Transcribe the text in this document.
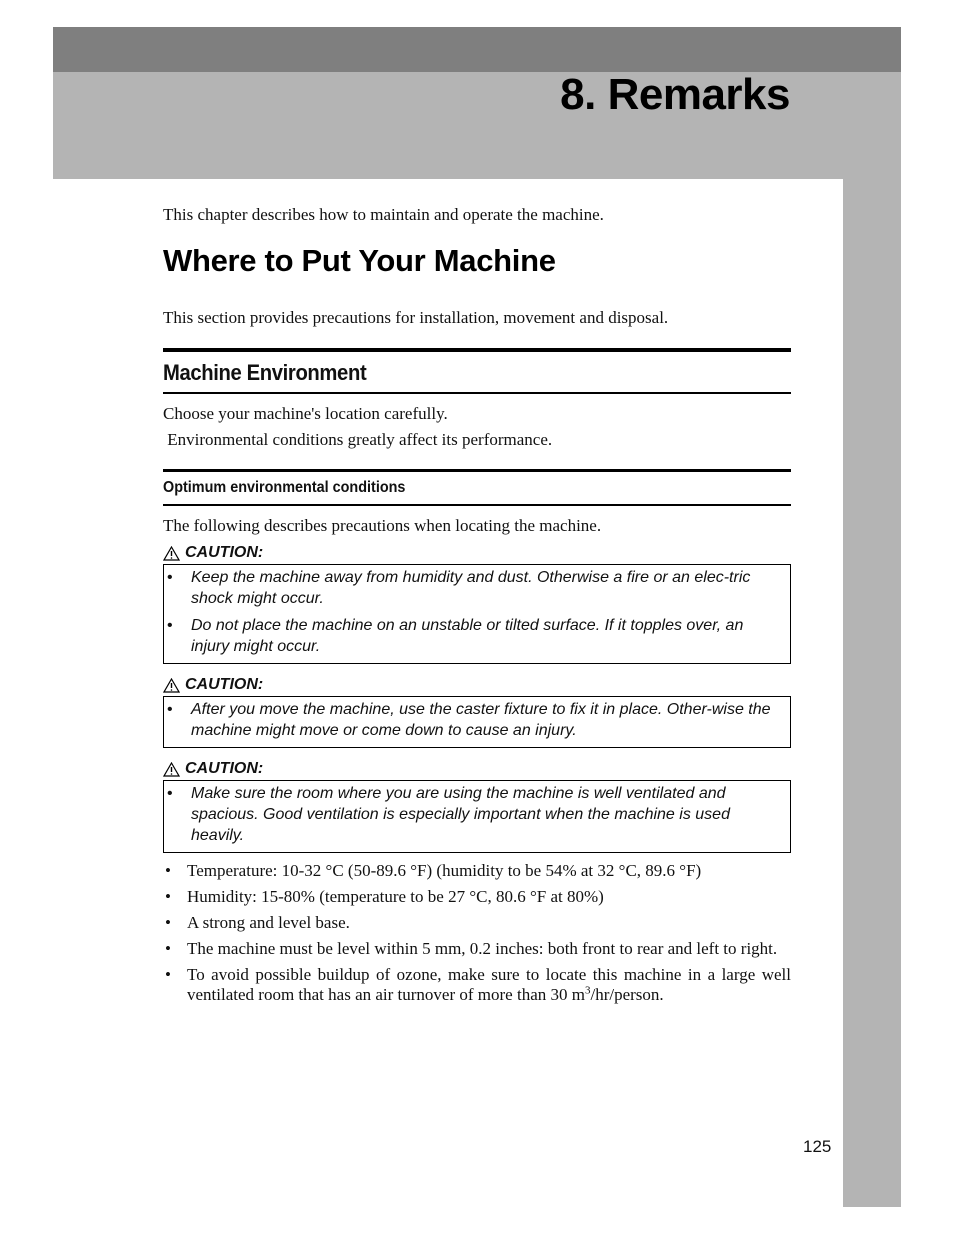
8. Remarks

This chapter describes how to maintain and operate the machine.

Where to Put Your Machine

This section provides precautions for installation, movement and disposal.

Machine Environment
Choose your machine's location carefully.
Environmental conditions greatly affect its performance.
Optimum environmental conditions

The following describes precautions when locating the machine.

CAUTION:
•	Keep the machine away from humidity and dust. Otherwise a fire or an elec-tric shock might occur.
•	Do not place the machine on an unstable or tilted surface. If it topples over, an injury might occur.
CAUTION:
•	After you move the machine, use the caster fixture to fix it in place. Other-wise the machine might move or come down to cause an injury.
CAUTION:
•	Make sure the room where you are using the machine is well ventilated and spacious. Good ventilation is especially important when the machine is used heavily.
• Temperature: 10-32 °C (50-89.6 °F) (humidity to be 54% at 32 °C, 89.6 °F)
• Humidity: 15-80% (temperature to be 27 °C, 80.6 °F at 80%)
• A strong and level base.
• The machine must be level within 5 mm, 0.2 inches: both front to rear and left to right.
• To avoid possible buildup of ozone, make sure to locate this machine in a large well ventilated room that has an air turnover of more than 30 $m^3/hr$/person.
125
